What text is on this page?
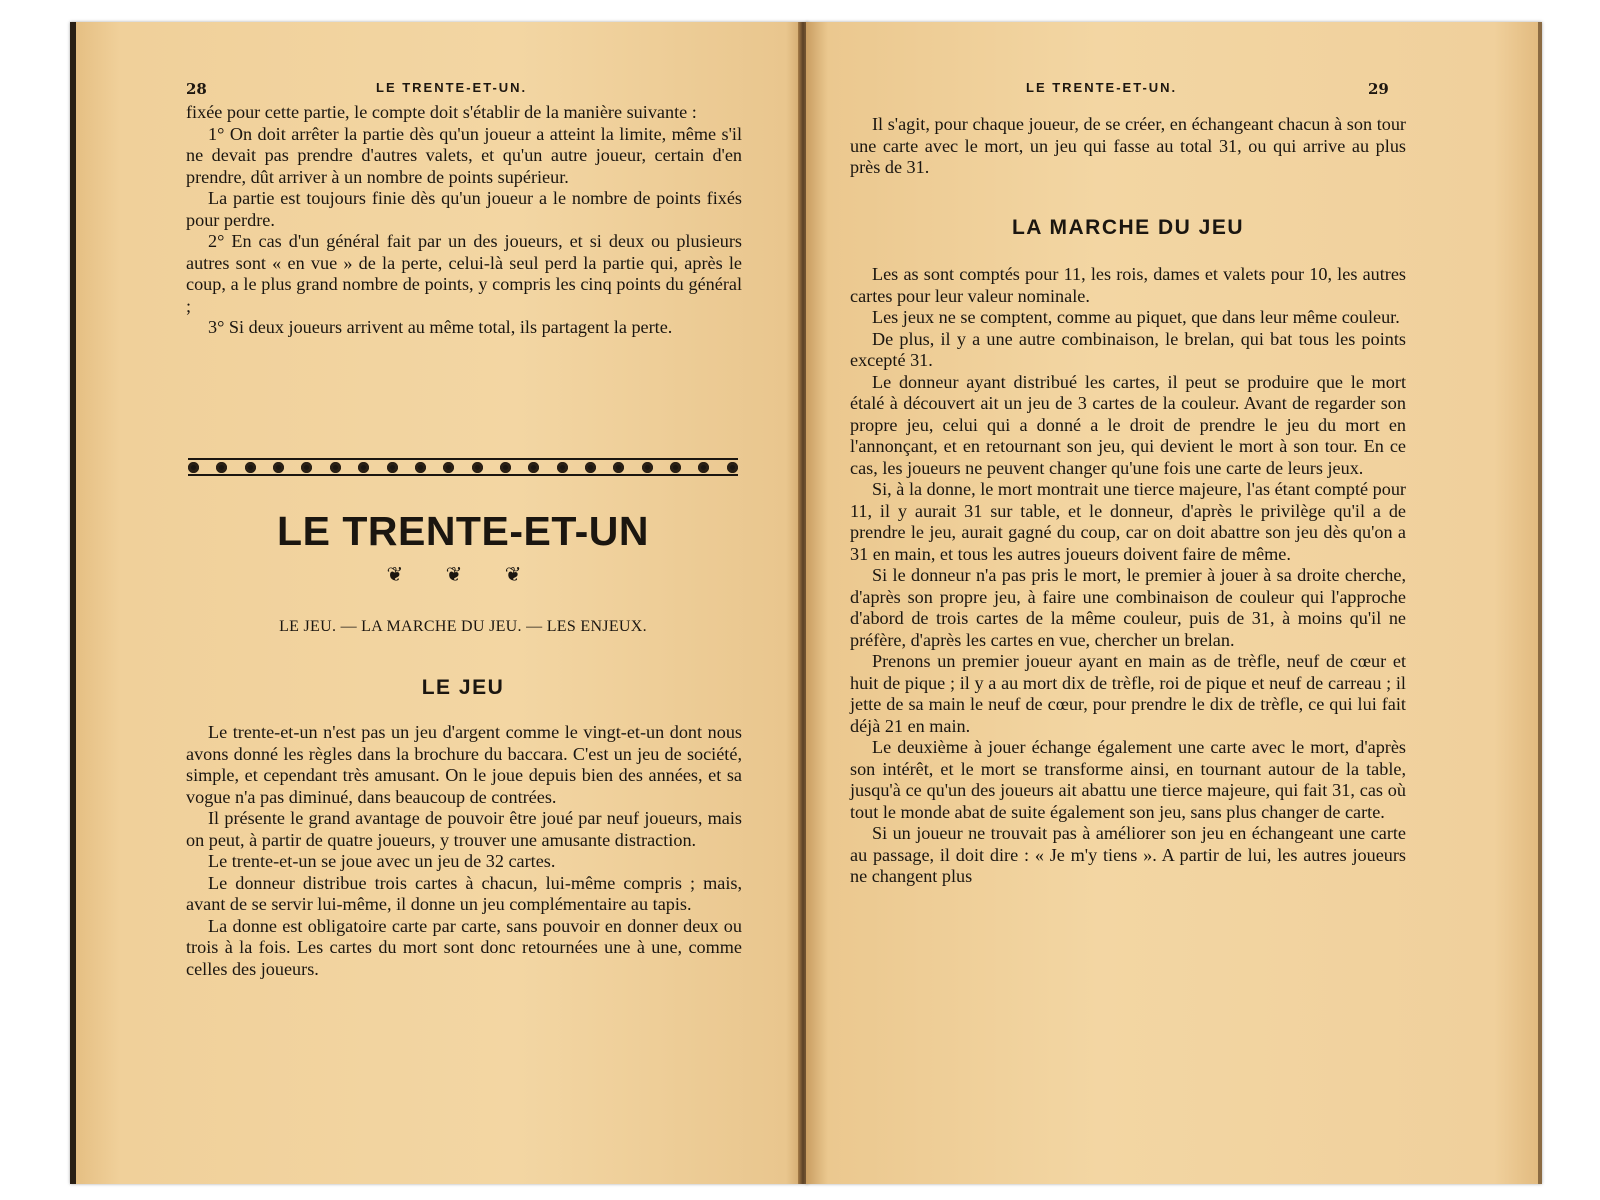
28	LE TRENTE-ET-UN.

fixée pour cette partie, le compte doit s'établir de la manière suivante :

1° On doit arrêter la partie dès qu'un joueur a atteint la limite, même s'il ne devait pas prendre d'autres valets, et qu'un autre joueur, certain d'en prendre, dût arriver à un nombre de points supérieur.

La partie est toujours finie dès qu'un joueur a le nombre de points fixés pour perdre.

2° En cas d'un général fait par un des joueurs, et si deux ou plusieurs autres sont « en vue » de la perte, celui-là seul perd la partie qui, après le coup, a le plus grand nombre de points, y compris les cinq points du général ;

3° Si deux joueurs arrivent au même total, ils partagent la perte.

LE TRENTE-ET-UN
❦ ❦ ❦
LE JEU. — LA MARCHE DU JEU. — LES ENJEUX.
LE JEU

Le trente-et-un n'est pas un jeu d'argent comme le vingt-et-un dont nous avons donné les règles dans la brochure du baccara. C'est un jeu de société, simple, et cependant très amusant. On le joue depuis bien des années, et sa vogue n'a pas diminué, dans beaucoup de contrées.

Il présente le grand avantage de pouvoir être joué par neuf joueurs, mais on peut, à partir de quatre joueurs, y trouver une amusante distraction.

Le trente-et-un se joue avec un jeu de 32 cartes.

Le donneur distribue trois cartes à chacun, lui-même compris ; mais, avant de se servir lui-même, il donne un jeu complémentaire au tapis.

La donne est obligatoire carte par carte, sans pouvoir en donner deux ou trois à la fois. Les cartes du mort sont donc retournées une à une, comme celles des joueurs.

LE TRENTE-ET-UN.	29

Il s'agit, pour chaque joueur, de se créer, en échangeant chacun à son tour une carte avec le mort, un jeu qui fasse au total 31, ou qui arrive au plus près de 31.

LA MARCHE DU JEU

Les as sont comptés pour 11, les rois, dames et valets pour 10, les autres cartes pour leur valeur nominale.

Les jeux ne se comptent, comme au piquet, que dans leur même couleur.

De plus, il y a une autre combinaison, le brelan, qui bat tous les points excepté 31.

Le donneur ayant distribué les cartes, il peut se produire que le mort étalé à découvert ait un jeu de 3 cartes de la couleur. Avant de regarder son propre jeu, celui qui a donné a le droit de prendre le jeu du mort en l'annonçant, et en retournant son jeu, qui devient le mort à son tour. En ce cas, les joueurs ne peuvent changer qu'une fois une carte de leurs jeux.

Si, à la donne, le mort montrait une tierce majeure, l'as étant compté pour 11, il y aurait 31 sur table, et le donneur, d'après le privilège qu'il a de prendre le jeu, aurait gagné du coup, car on doit abattre son jeu dès qu'on a 31 en main, et tous les autres joueurs doivent faire de même.

Si le donneur n'a pas pris le mort, le premier à jouer à sa droite cherche, d'après son propre jeu, à faire une combinaison de couleur qui l'approche d'abord de trois cartes de la même couleur, puis de 31, à moins qu'il ne préfère, d'après les cartes en vue, chercher un brelan.

Prenons un premier joueur ayant en main as de trèfle, neuf de cœur et huit de pique ; il y a au mort dix de trèfle, roi de pique et neuf de carreau ; il jette de sa main le neuf de cœur, pour prendre le dix de trèfle, ce qui lui fait déjà 21 en main.

Le deuxième à jouer échange également une carte avec le mort, d'après son intérêt, et le mort se transforme ainsi, en tournant autour de la table, jusqu'à ce qu'un des joueurs ait abattu une tierce majeure, qui fait 31, cas où tout le monde abat de suite également son jeu, sans plus changer de carte.

Si un joueur ne trouvait pas à améliorer son jeu en échangeant une carte au passage, il doit dire : « Je m'y tiens ». A partir de lui, les autres joueurs ne changent plus
